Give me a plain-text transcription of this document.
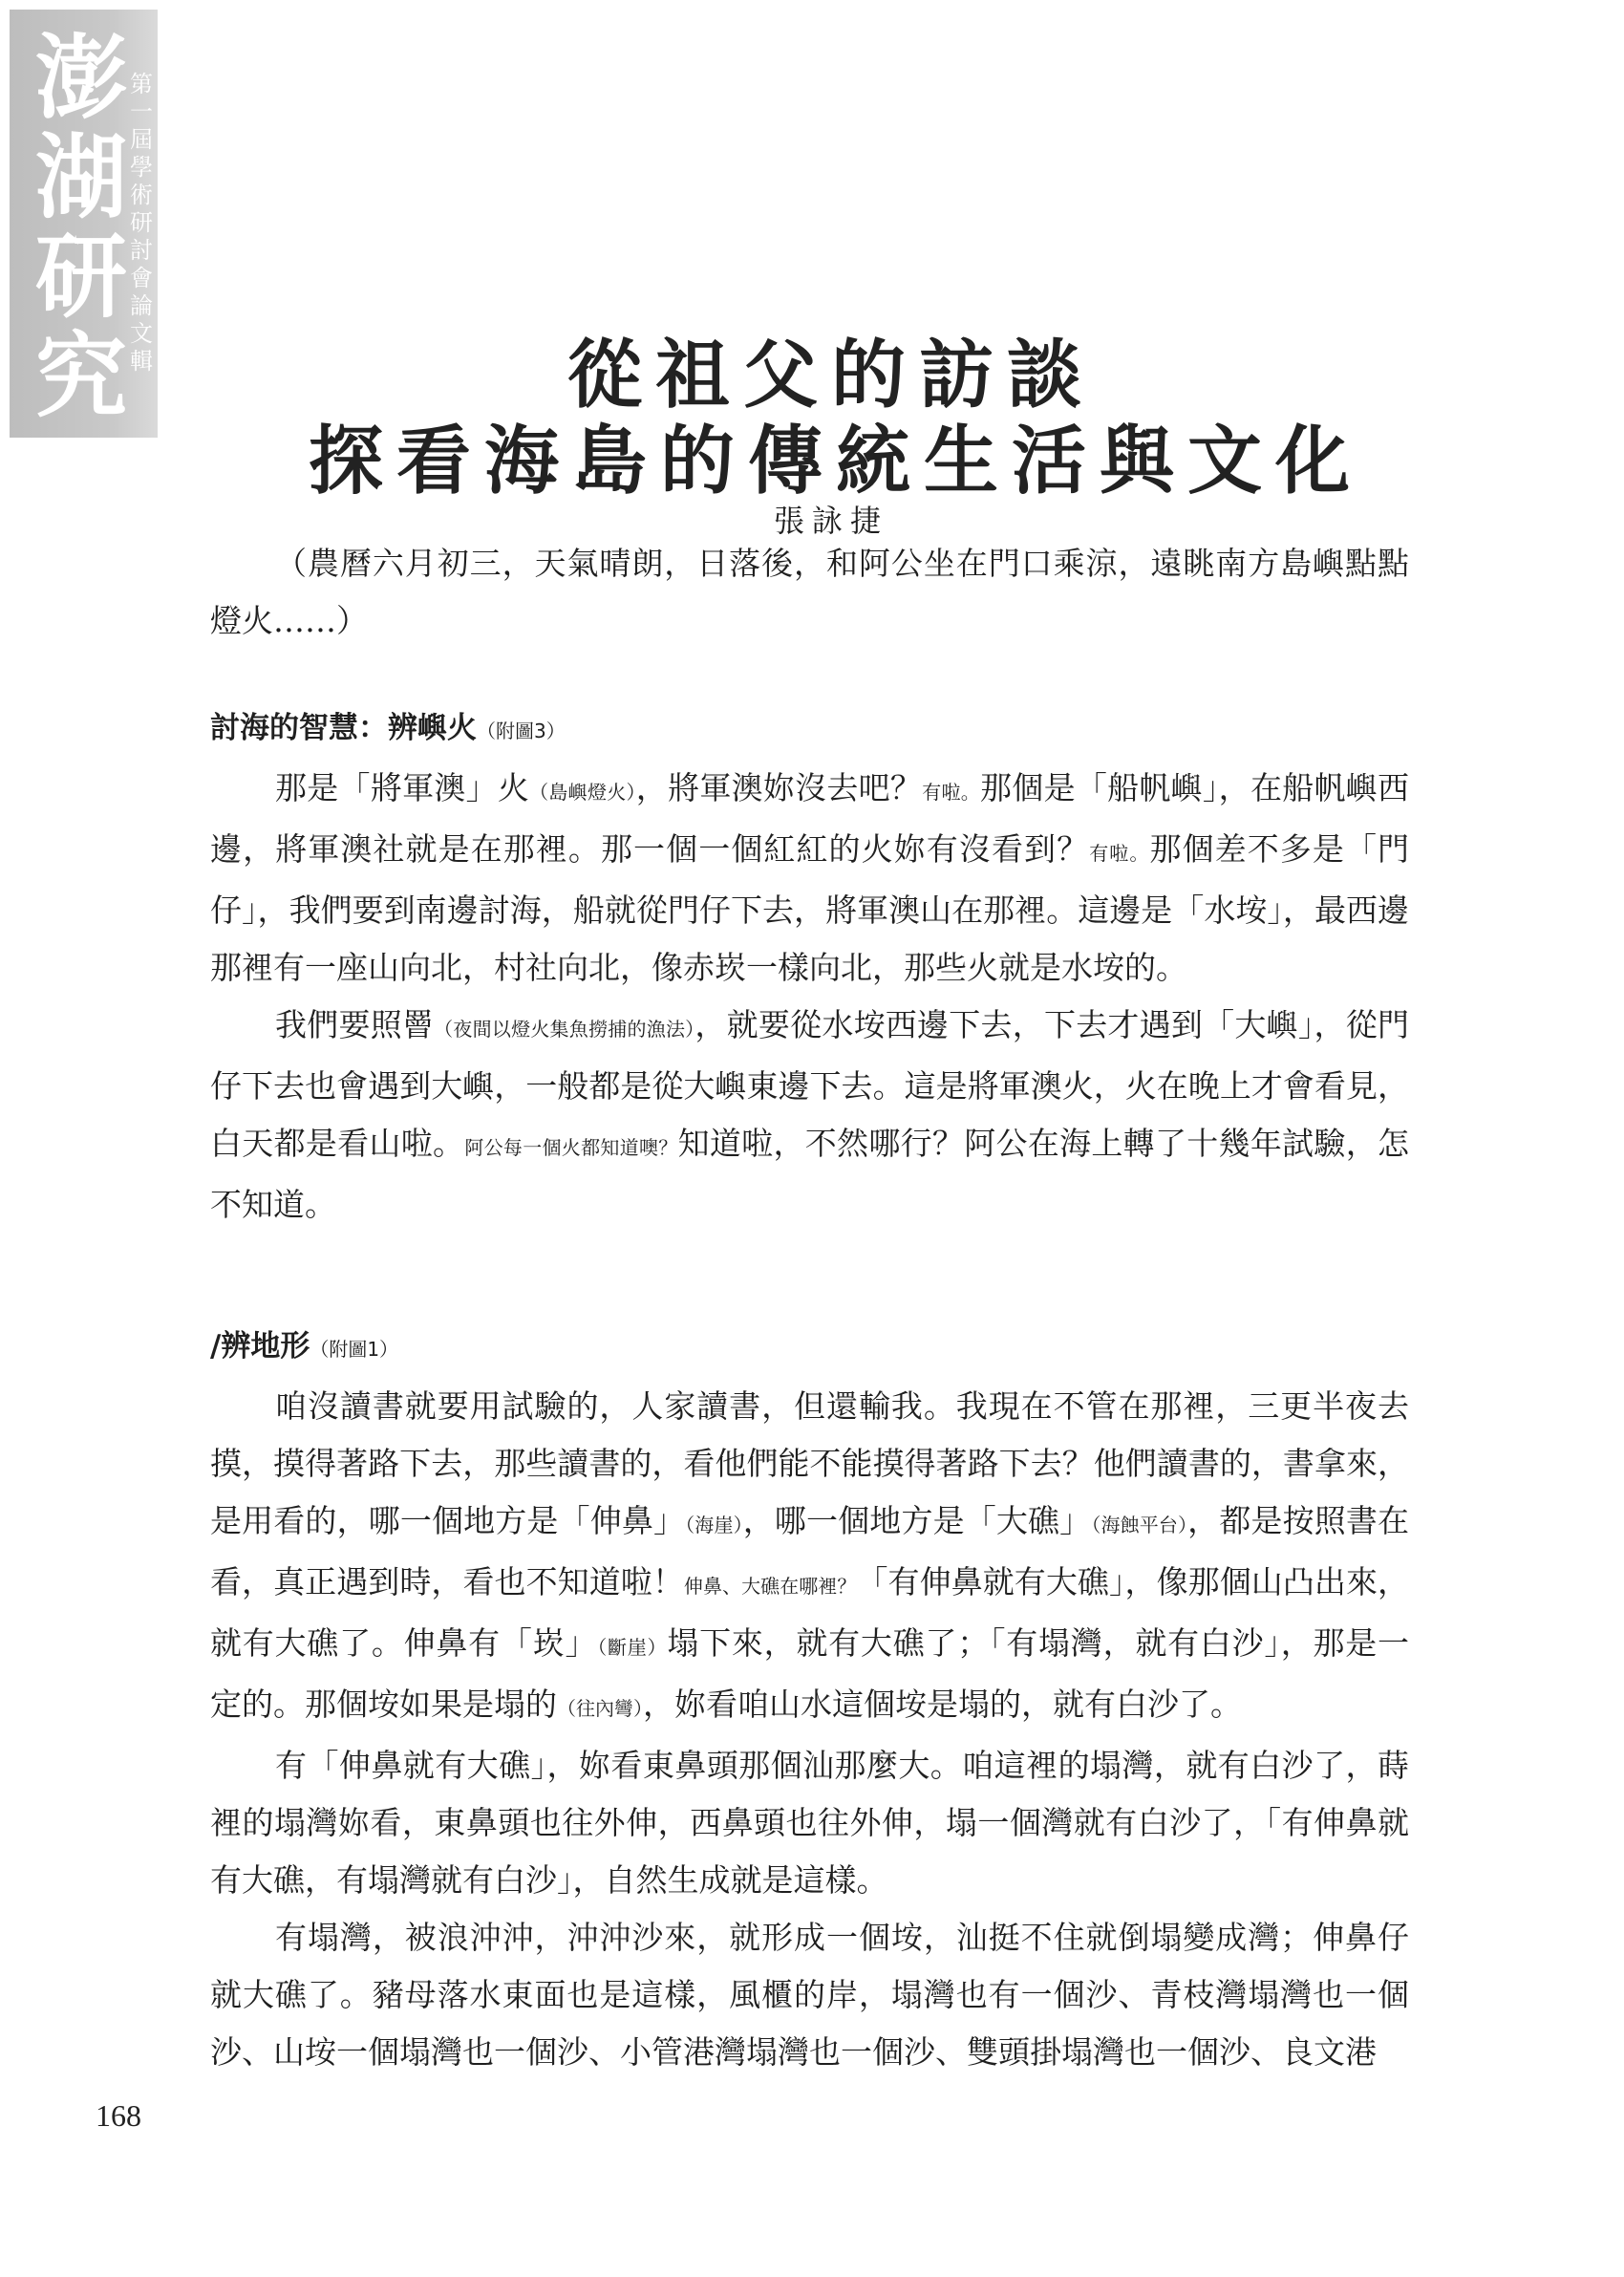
澎
湖
研
究
第
一
屆
學
術
研
討
會
論
文
輯	從祖父的訪談
探看海島的傳統生活與文化
張詠捷

（農曆六月初三，天氣晴朗，日落後，和阿公坐在門口乘涼，遠眺南方島嶼點點燈火……）

討海的智慧：辨嶼火（附圖3）

那是「將軍澳」火（島嶼燈火），將軍澳妳沒去吧？有啦。那個是「船帆嶼」，在船帆嶼西邊，將軍澳社就是在那裡。那一個一個紅紅的火妳有沒看到？有啦。那個差不多是「門仔」，我們要到南邊討海，船就從門仔下去，將軍澳山在那裡。這邊是「水垵」，最西邊那裡有一座山向北，村社向北，像赤崁一樣向北，那些火就是水垵的。

我們要照罾（夜間以燈火集魚撈捕的漁法），就要從水垵西邊下去，下去才遇到「大嶼」，從門仔下去也會遇到大嶼，一般都是從大嶼東邊下去。這是將軍澳火，火在晚上才會看見，白天都是看山啦。阿公每一個火都知道噢？知道啦，不然哪行？阿公在海上轉了十幾年試驗，怎不知道。

/辨地形（附圖1）

咱沒讀書就要用試驗的，人家讀書，但還輸我。我現在不管在那裡，三更半夜去摸，摸得著路下去，那些讀書的，看他們能不能摸得著路下去？他們讀書的，書拿來，是用看的，哪一個地方是「伸鼻」（海崖），哪一個地方是「大礁」（海蝕平台），都是按照書在看，真正遇到時，看也不知道啦！伸鼻、大礁在哪裡？「有伸鼻就有大礁」，像那個山凸出來，就有大礁了。伸鼻有「崁」（斷崖）塌下來，就有大礁了；「有塌灣，就有白沙」，那是一定的。那個垵如果是塌的（往內彎），妳看咱山水這個垵是塌的，就有白沙了。

有「伸鼻就有大礁」，妳看東鼻頭那個汕那麼大。咱這裡的塌灣，就有白沙了，蒔裡的塌灣妳看，東鼻頭也往外伸，西鼻頭也往外伸，塌一個灣就有白沙了，「有伸鼻就有大礁，有塌灣就有白沙」，自然生成就是這樣。

有塌灣，被浪沖沖，沖沖沙來，就形成一個垵，汕挺不住就倒塌變成灣；伸鼻仔就大礁了。豬母落水東面也是這樣，風櫃的岸，塌灣也有一個沙、青枝灣塌灣也一個沙、山垵一個塌灣也一個沙、小管港灣塌灣也一個沙、雙頭掛塌灣也一個沙、良文港

168
